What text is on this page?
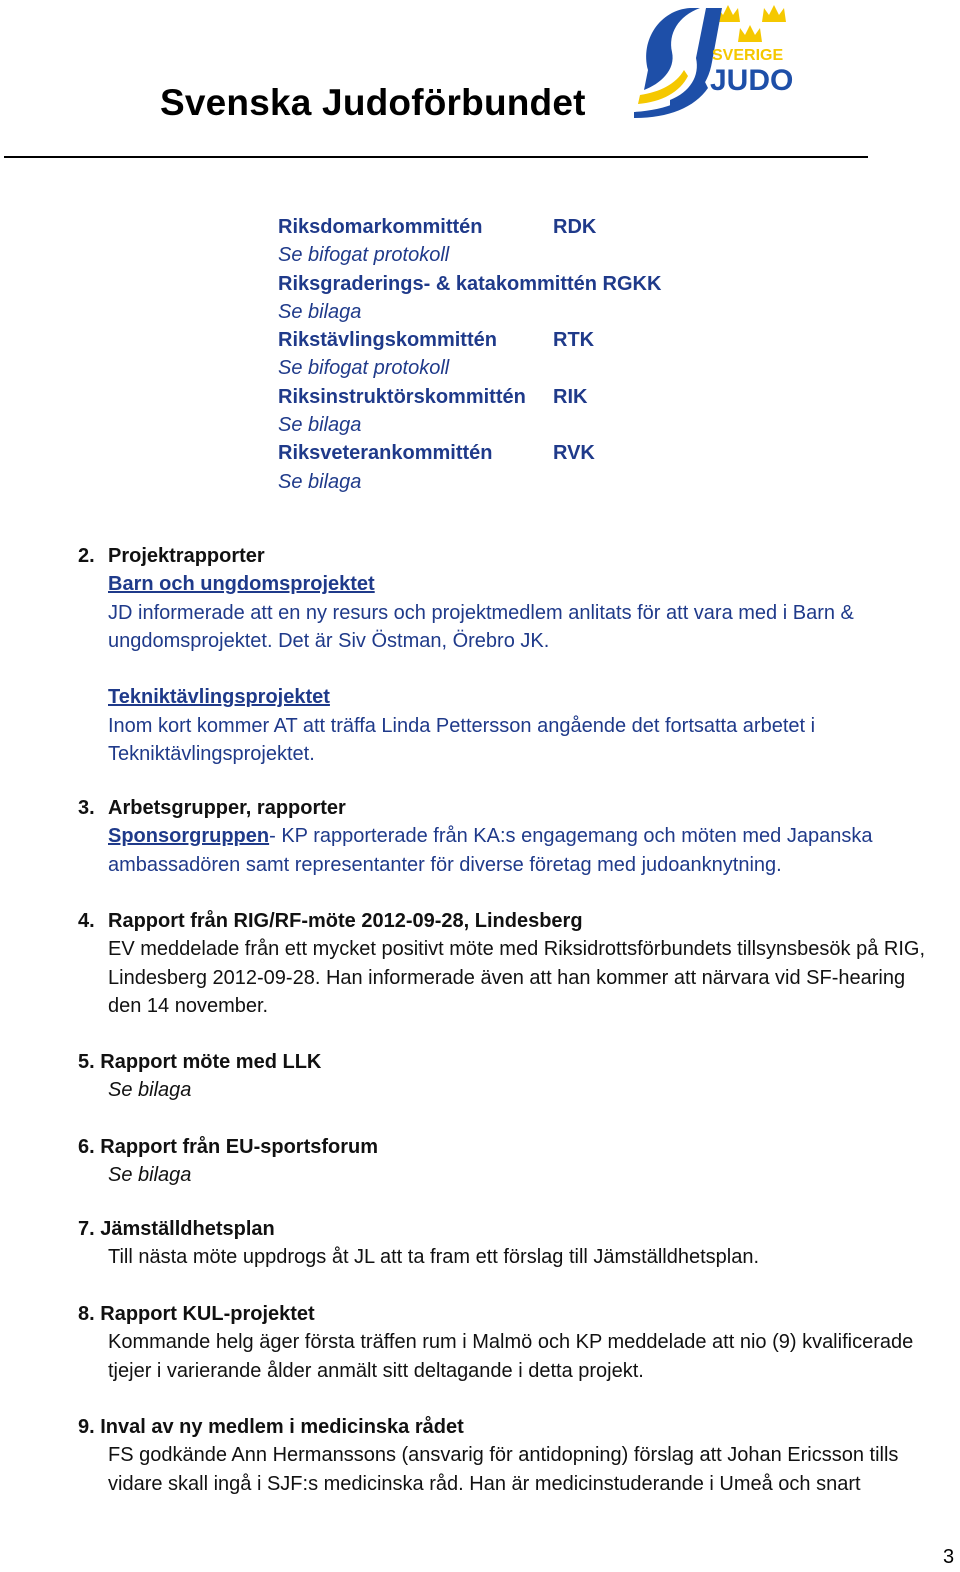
Svenska Judoförbundet
SVERIGE
JUDO
Riksdomarkommittén	RDK
Se bifogat protokoll
Riksgraderings- & katakommittén RGKK
Se bilaga
Rikstävlingskommittén	RTK
Se bifogat protokoll
Riksinstruktörskommittén RIK
Se bilaga
Riksveterankommittén	RVK
Se bilaga
2. Projektrapporter
Barn och ungdomsprojektet
JD informerade att en ny resurs och projektmedlem anlitats för att vara med i Barn & ungdomsprojektet. Det är Siv Östman, Örebro JK.
Tekniktävlingsprojektet
Inom kort kommer AT att träffa Linda Pettersson angående det fortsatta arbetet i Tekniktävlingsprojektet.
3. Arbetsgrupper, rapporter
Sponsorgruppen- KP rapporterade från KA:s engagemang och möten med Japanska ambassadören samt representanter för diverse företag med judoanknytning.
4. Rapport från RIG/RF-möte 2012-09-28, Lindesberg
EV meddelade från ett mycket positivt möte med Riksidrottsförbundets tillsynsbesök på RIG, Lindesberg 2012-09-28. Han informerade även att han kommer att närvara vid SF-hearing den 14 november.
5. Rapport möte med LLK
Se bilaga
6. Rapport från EU-sportsforum
Se bilaga
7. Jämställdhetsplan
Till nästa möte uppdrogs åt JL att ta fram ett förslag till Jämställdhetsplan.
8. Rapport KUL-projektet
Kommande helg äger första träffen rum i Malmö och KP meddelade att nio (9) kvalificerade tjejer i varierande ålder anmält sitt deltagande i detta projekt.
9. Inval av ny medlem i medicinska rådet
FS godkände Ann Hermanssons (ansvarig för antidopning) förslag att Johan Ericsson tills vidare skall ingå i SJF:s medicinska råd. Han är medicinstuderande i Umeå och snart
3
